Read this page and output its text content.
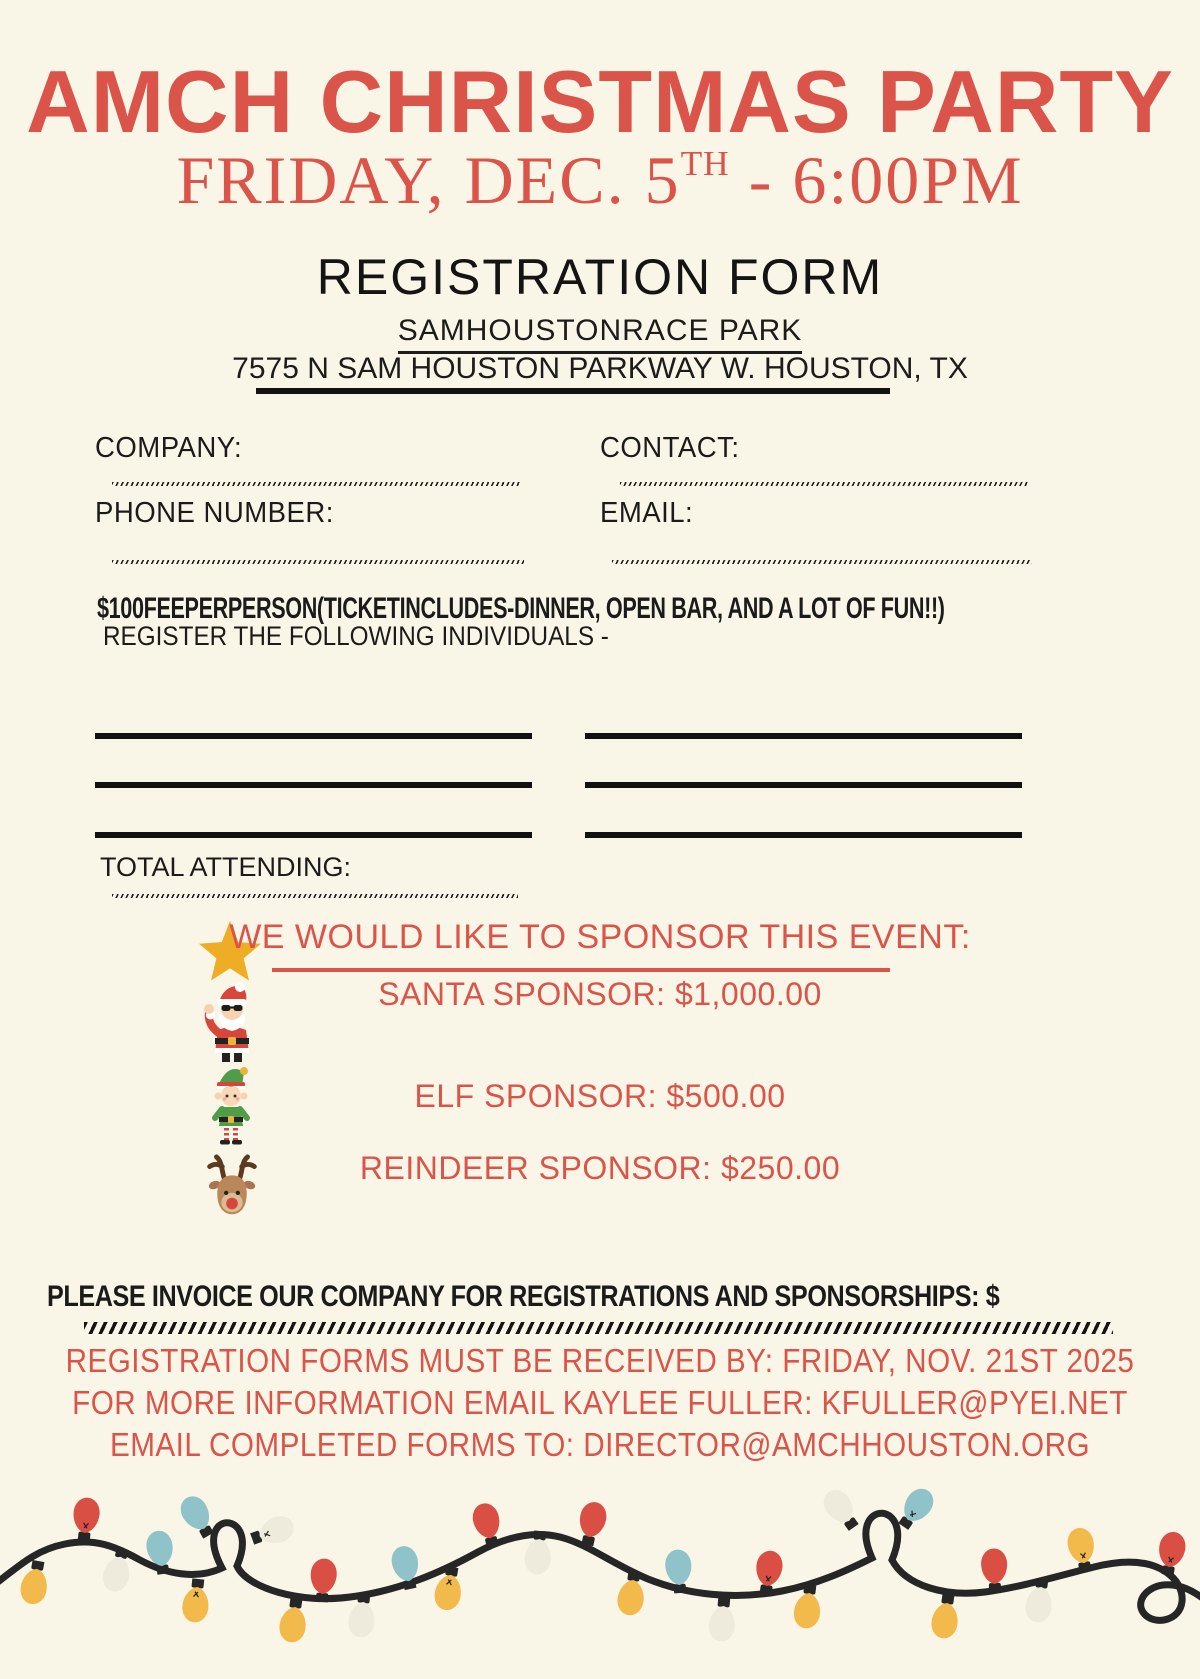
AMCH CHRISTMAS PARTY
FRIDAY, DEC. 5TH - 6:00PM
REGISTRATION FORM
SAMHOUSTONRACE PARK
7575 N SAM HOUSTON PARKWAY W. HOUSTON, TX
COMPANY:	CONTACT:
PHONE NUMBER:	EMAIL:
$100FEEPERPERSON(TICKETINCLUDES-DINNER, OPEN BAR, AND A LOT OF FUN!!)
REGISTER THE FOLLOWING INDIVIDUALS -
TOTAL ATTENDING:
WE WOULD LIKE TO SPONSOR THIS EVENT:
SANTA SPONSOR: $1,000.00
ELF SPONSOR: $500.00
REINDEER SPONSOR: $250.00
PLEASE INVOICE OUR COMPANY FOR REGISTRATIONS AND SPONSORSHIPS: $
REGISTRATION FORMS MUST BE RECEIVED BY: FRIDAY, NOV. 21ST 2025
FOR MORE INFORMATION EMAIL KAYLEE FULLER: KFULLER@PYEI.NET
EMAIL COMPLETED FORMS TO: DIRECTOR@AMCHHOUSTON.ORG
